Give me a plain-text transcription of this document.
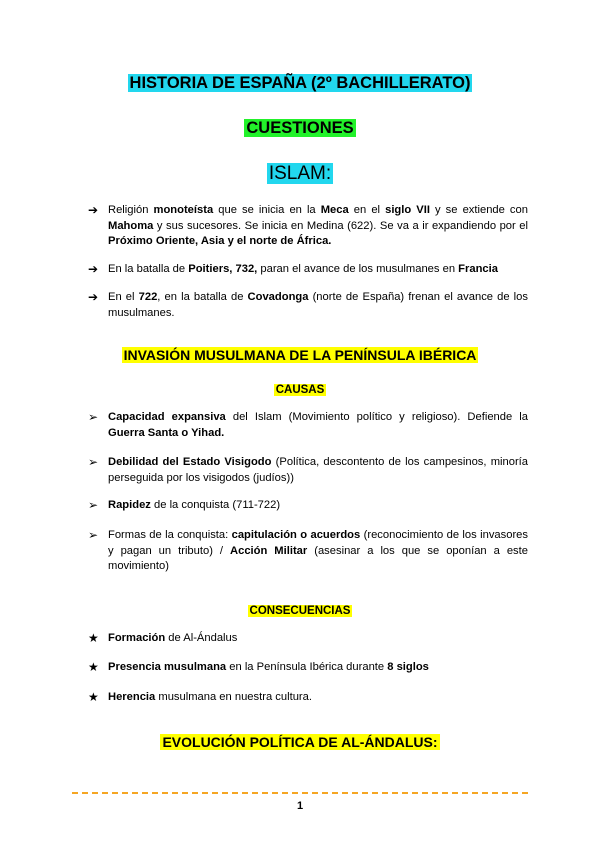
HISTORIA DE ESPAÑA (2º BACHILLERATO)
CUESTIONES
ISLAM:
➔ Religión monoteísta que se inicia en la Meca en el siglo VII y se extiende con Mahoma y sus sucesores. Se inicia en Medina (622). Se va a ir expandiendo por el Próximo Oriente, Asia y el norte de África.
➔ En la batalla de Poitiers, 732, paran el avance de los musulmanes en Francia
➔ En el 722, en la batalla de Covadonga (norte de España) frenan el avance de los musulmanes.
INVASIÓN MUSULMANA DE LA PENÍNSULA IBÉRICA
CAUSAS
➢ Capacidad expansiva del Islam (Movimiento político y religioso). Defiende la Guerra Santa o Yihad.
➢ Debilidad del Estado Visigodo (Política, descontento de los campesinos, minoría perseguida por los visigodos (judíos))
➢ Rapidez de la conquista (711-722)
➢ Formas de la conquista: capitulación o acuerdos (reconocimiento de los invasores y pagan un tributo) / Acción Militar (asesinar a los que se oponían a este movimiento)
CONSECUENCIAS
★ Formación de Al-Ándalus
★ Presencia musulmana en la Península Ibérica durante 8 siglos
★ Herencia musulmana en nuestra cultura.
EVOLUCIÓN POLÍTICA DE AL-ÁNDALUS:
1
